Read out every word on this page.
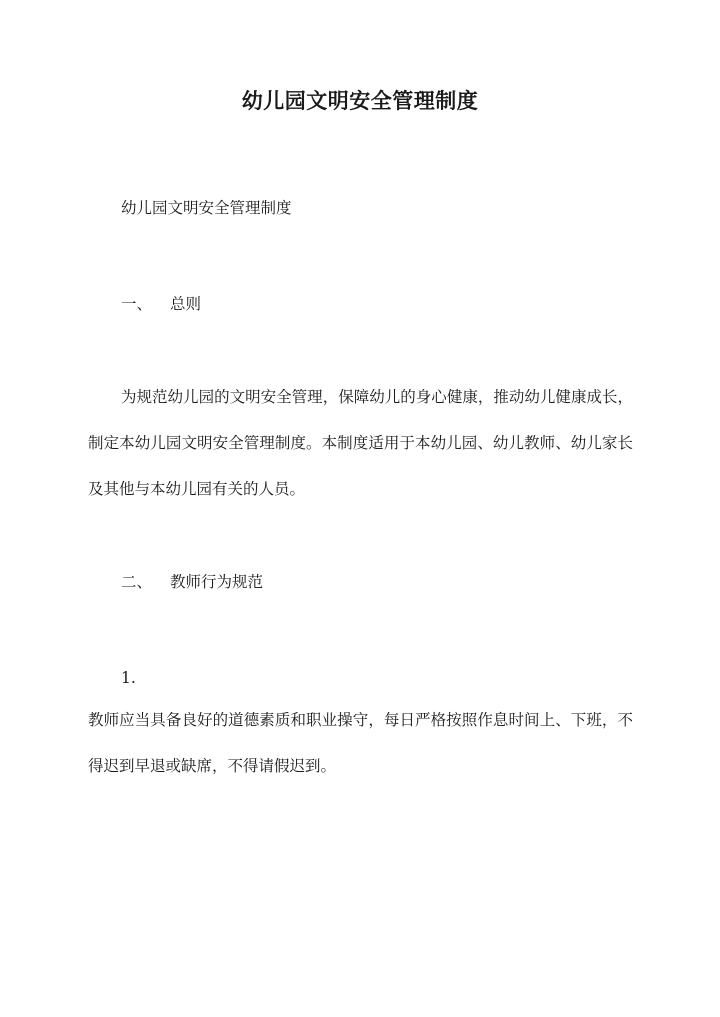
幼儿园文明安全管理制度
幼儿园文明安全管理制度
一、 总则

为规范幼儿园的文明安全管理，保障幼儿的身心健康，推动幼儿健康成长，制定本幼儿园文明安全管理制度。本制度适用于本幼儿园、幼儿教师、幼儿家长及其他与本幼儿园有关的人员。

二、 教师行为规范
1.

教师应当具备良好的道德素质和职业操守，每日严格按照作息时间上、下班，不得迟到早退或缺席，不得请假迟到。
